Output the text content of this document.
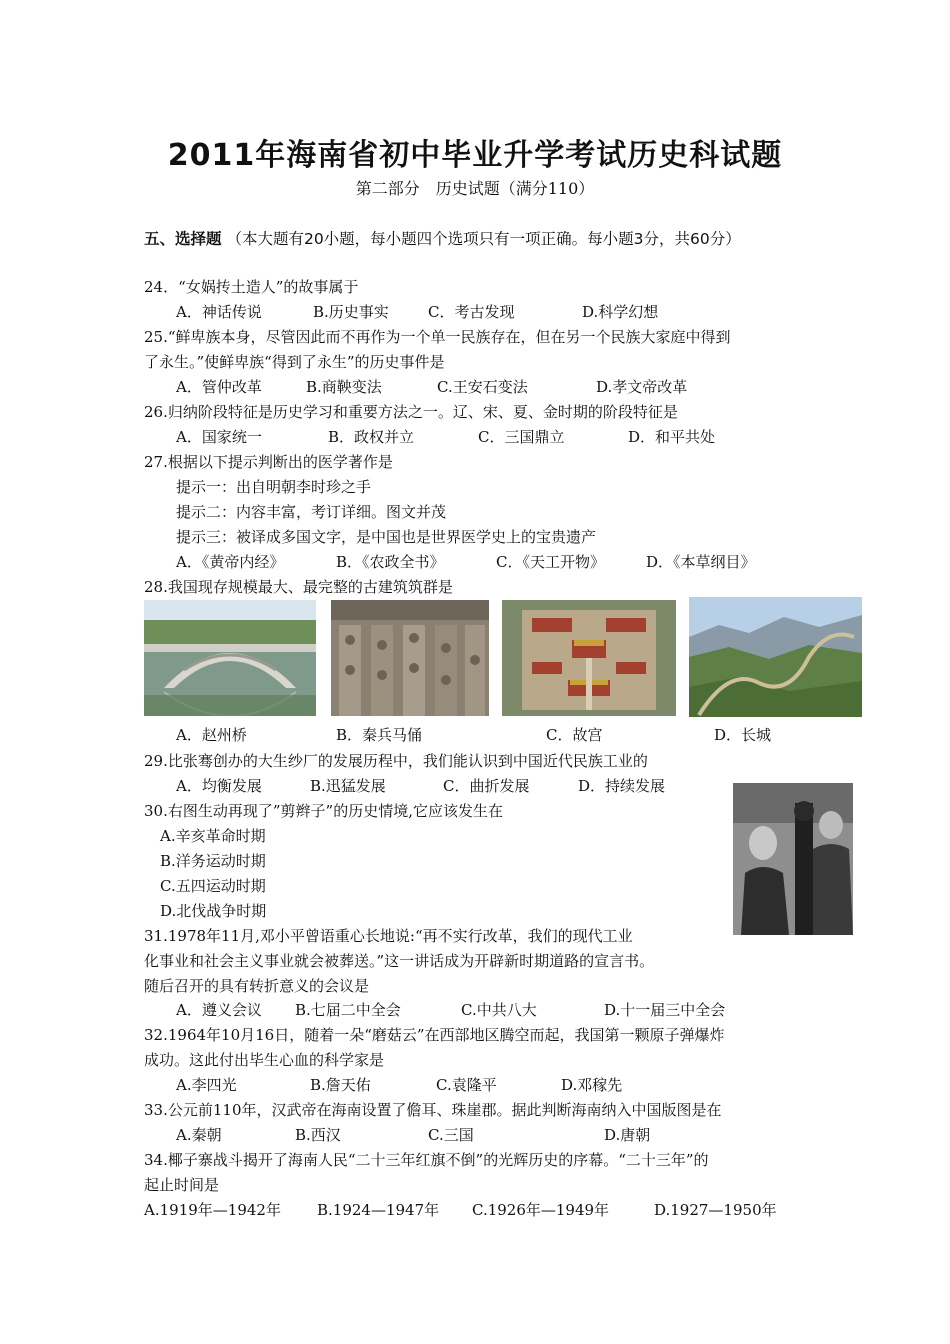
2011年海南省初中毕业升学考试历史科试题
第二部分　历史试题（满分110）
五、选择题 （本大题有20小题，每小题四个选项只有一项正确。每小题3分，共60分）
24．“女娲抟土造人”的故事属于
A．神话传说	B.历史事实	C．考古发现	D.科学幻想
25.“鲜卑族本身，尽管因此而不再作为一个单一民族存在，但在另一个民族大家庭中得到
了永生。”使鲜卑族“得到了永生”的历史事件是
A．管仲改革	B.商鞅变法	C.王安石变法	D.孝文帝改革
26.归纳阶段特征是历史学习和重要方法之一。辽、宋、夏、金时期的阶段特征是
A．国家统一	B．政权并立	C．三国鼎立	D．和平共处
27.根据以下提示判断出的医学著作是
提示一：出自明朝李时珍之手
提示二：内容丰富，考订详细。图文并茂
提示三：被译成多国文字，是中国也是世界医学史上的宝贵遗产
A．《黄帝内经》	B．《农政全书》	C．《天工开物》	D．《本草纲目》
28.我国现存规模最大、最完整的古建筑筑群是
A．赵州桥	B．秦兵马俑	C．故宫	D．长城
29.比张骞创办的大生纱厂的发展历程中，我们能认识到中国近代民族工业的
A．均衡发展	B.迅猛发展	C．曲折发展	D．持续发展
30.右图生动再现了”剪辫子”的历史情境,它应该发生在
A.辛亥革命时期
B.洋务运动时期
C.五四运动时期
D.北伐战争时期
31.1978年11月,邓小平曾语重心长地说:“再不实行改革，我们的现代工业
化事业和社会主义事业就会被葬送。”这一讲话成为开辟新时期道路的宣言书。
随后召开的具有转折意义的会议是
A．遵义会议 B.七届二中全会	C.中共八大	D.十一届三中全会
32.1964年10月16日，随着一朵“磨菇云”在西部地区腾空而起，我国第一颗原子弹爆炸
成功。这此付出毕生心血的科学家是
A.李四光	B.詹天佑	C.袁隆平	D.邓稼先
33.公元前110年，汉武帝在海南设置了儋耳、珠崖郡。据此判断海南纳入中国版图是在
A.秦朝	B.西汉	C.三国	D.唐朝
34.椰子寨战斗揭开了海南人民“二十三年红旗不倒”的光辉历史的序幕。“二十三年”的
起止时间是
A.1919年—1942年 B.1924—1947年 C.1926年—1949年	D.1927—1950年
